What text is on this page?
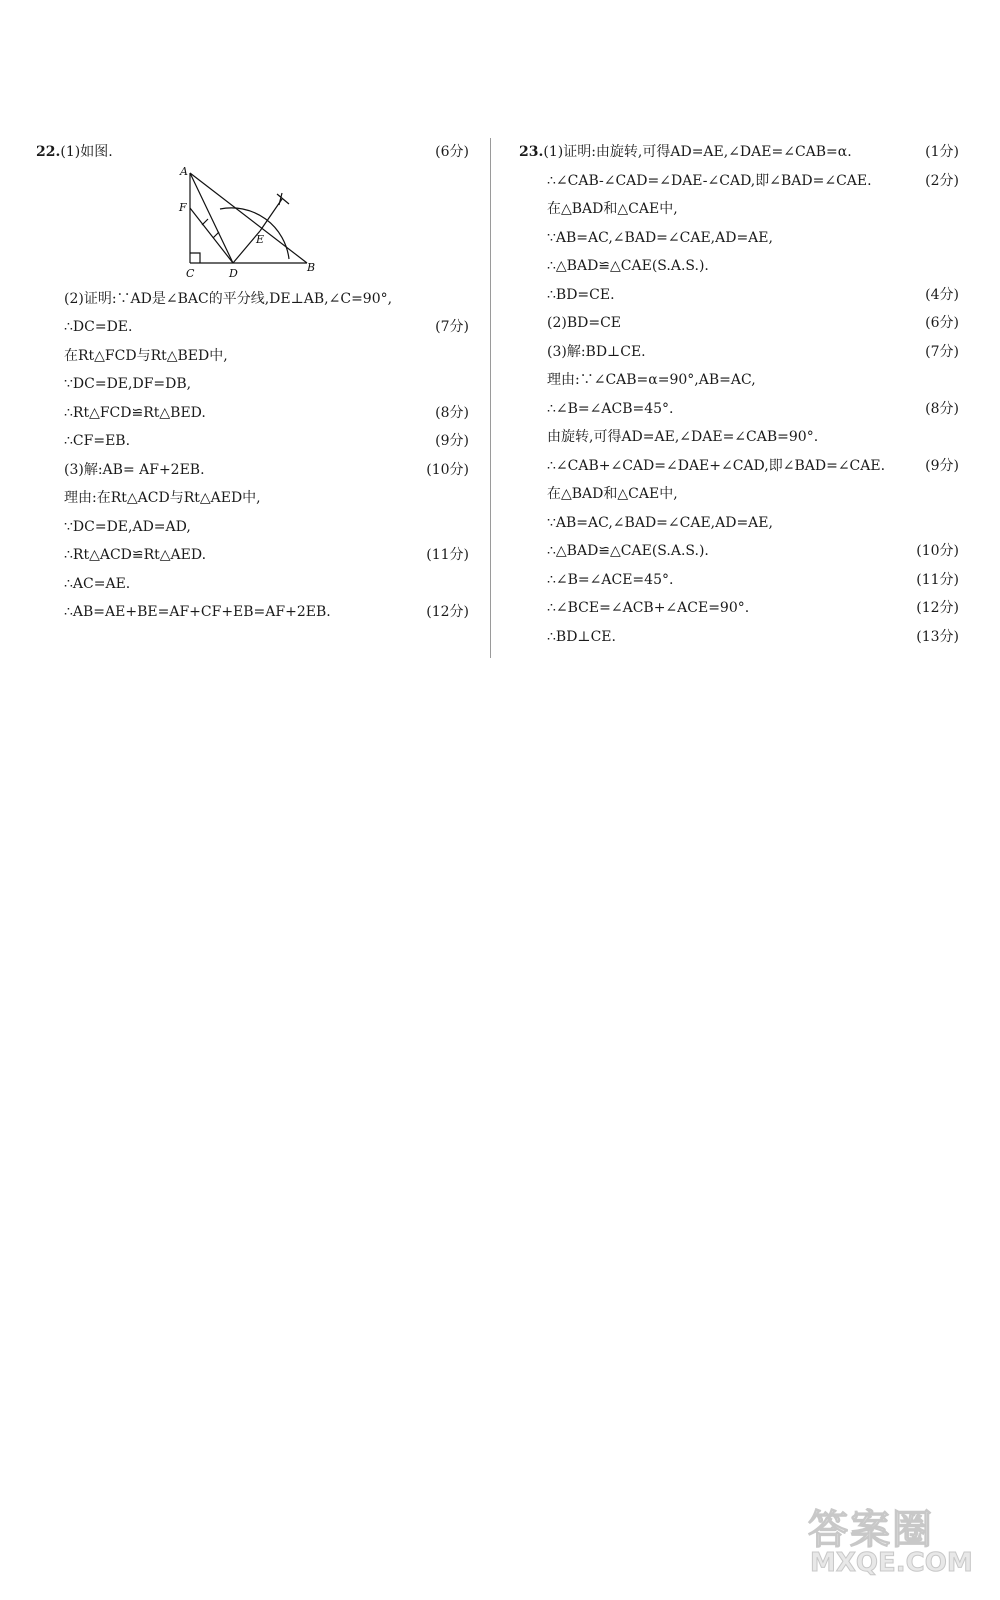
22.(1)如图.	(6分)
A
F
E
C	D	B
(2)证明:∵AD是∠BAC的平分线,DE⊥AB,∠C=90°,
∴DC=DE.	(7分)
在Rt△FCD与Rt△BED中,
∵DC=DE,DF=DB,
∴Rt△FCD≌Rt△BED.	(8分)
∴CF=EB.	(9分)
(3)解:AB= AF+2EB.	(10分)
理由:在Rt△ACD与Rt△AED中,
∵DC=DE,AD=AD,
∴Rt△ACD≌Rt△AED.	(11分)
∴AC=AE.
∴AB=AE+BE=AF+CF+EB=AF+2EB.	(12分)
23.(1)证明:由旋转,可得AD=AE,∠DAE=∠CAB=α.	(1分)
∴∠CAB-∠CAD=∠DAE-∠CAD,即∠BAD=∠CAE.	(2分)
在△BAD和△CAE中,
∵AB=AC,∠BAD=∠CAE,AD=AE,
∴△BAD≌△CAE(S.A.S.).
∴BD=CE.	(4分)
(2)BD=CE	(6分)
(3)解:BD⊥CE.	(7分)
理由:∵∠CAB=α=90°,AB=AC,
∴∠B=∠ACB=45°.	(8分)
由旋转,可得AD=AE,∠DAE=∠CAB=90°.
∴∠CAB+∠CAD=∠DAE+∠CAD,即∠BAD=∠CAE.	(9分)
在△BAD和△CAE中,
∵AB=AC,∠BAD=∠CAE,AD=AE,
∴△BAD≌△CAE(S.A.S.).	(10分)
∴∠B=∠ACE=45°.	(11分)
∴∠BCE=∠ACB+∠ACE=90°.	(12分)
∴BD⊥CE.	(13分)
答案圈
MXQE.COM
